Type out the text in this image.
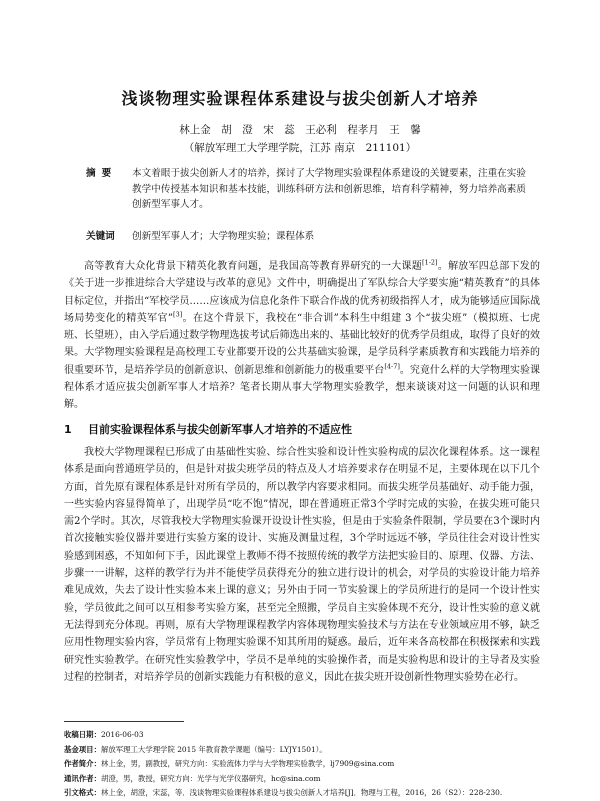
浅谈物理实验课程体系建设与拔尖创新人才培养
林上金　胡　澄　宋　蕊　王必利　程孝月　王　馨
（解放军理工大学理学院，江苏 南京　211101）
摘要 本文着眼于拔尖创新人才的培养，探讨了大学物理实验课程体系建设的关键要素，注重在实验教学中传授基本知识和基本技能，训练科研方法和创新思维，培育科学精神，努力培养高素质创新型军事人才。
关键词 创新型军事人才；大学物理实验；课程体系

高等教育大众化背景下精英化教育问题，是我国高等教育界研究的一大课题[1-2]。解放军四总部下发的《关于进一步推进综合大学建设与改革的意见》文件中，明确提出了军队综合大学要实施“精英教育”的具体目标定位，并指出“军校学员……应该成为信息化条件下联合作战的优秀初级指挥人才，成为能够适应国际战场局势变化的精英军官”[3]。在这个背景下，我校在“非合训”本科生中组建 3 个“拔尖班”（模拟班、七虎班、长望班），由入学后通过数学物理选拔考试后筛选出来的、基础比较好的优秀学员组成，取得了良好的效果。大学物理实验课程是高校理工专业都要开设的公共基础实验课，是学员科学素质教育和实践能力培养的很重要环节，是培养学员的创新意识、创新思维和创新能力的极重要平台[4-7]。究竟什么样的大学物理实验课程体系才适应拔尖创新军事人才培养？笔者长期从事大学物理实验教学，想来谈谈对这一问题的认识和理解。

1 目前实验课程体系与拔尖创新军事人才培养的不适应性

我校大学物理课程已形成了由基础性实验、综合性实验和设计性实验构成的层次化课程体系。这一课程体系是面向普通班学员的，但是针对拔尖班学员的特点及人才培养要求存在明显不足，主要体现在以下几个方面，首先原有课程体系是针对所有学员的，所以教学内容要求相同。而拔尖班学员基础好、动手能力强，一些实验内容显得简单了，出现学员“吃不饱”情况，即在普通班正常3个学时完成的实验，在拔尖班可能只需2个学时。其次，尽管我校大学物理实验课开设设计性实验，但是由于实验条件限制，学员要在3个课时内首次接触实验仪器并要进行实验方案的设计、实施及测量过程，3个学时远远不够，学员往往会对设计性实验感到困惑，不知如何下手，因此课堂上教师不得不按照传统的教学方法把实验目的、原理、仪器、方法、步骤一一讲解，这样的教学行为并不能使学员获得充分的独立进行设计的机会，对学员的实验设计能力培养难见成效，失去了设计性实验本来上课的意义；另外由于同一节实验课上的学员所进行的是同一个设计性实验，学员彼此之间可以互相参考实验方案，甚至完全照搬，学员自主实验体现不充分，设计性实验的意义就无法得到充分体现。再则，原有大学物理课程教学内容体现物理实验技术与方法在专业领域应用不够，缺乏应用性物理实验内容，学员常有上物理实验课不知其所用的疑惑。最后，近年来各高校都在积极探索和实践研究性实验教学。在研究性实验教学中，学员不是单纯的实验操作者，而是实验构思和设计的主导者及实验过程的控制者，对培养学员的创新实践能力有积极的意义，因此在拔尖班开设创新性物理实验势在必行。

收稿日期：2016-06-03
基金项目：解放军理工大学理学院 2015 年教育教学课题（编号：LYJY1501）。
作者简介：林上金，男，副教授，研究方向：实验流体力学与大学物理实验教学，lj7909@sina.com
通讯作者：胡澄，男，教授，研究方向：光学与光学仪器研究，hc@sina.com
引文格式：林上金，胡澄，宋蕊，等．浅谈物理实验课程体系建设与拔尖创新人才培养[J]．物理与工程，2016，26（S2）：228-230.
